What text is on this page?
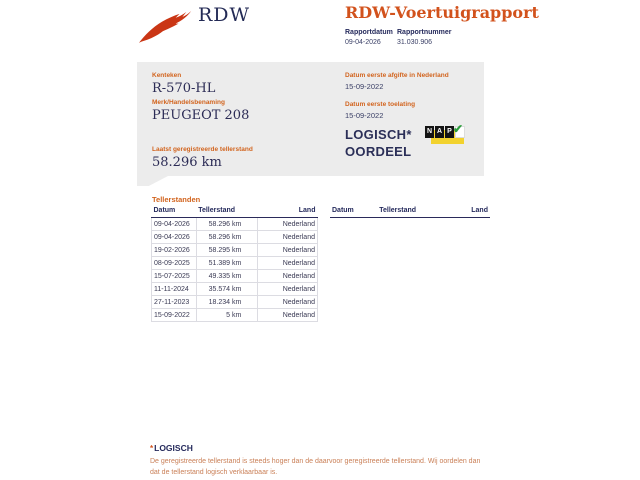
RDW	RDW-Voertuigrapport
Rapportdatum
09-04-2026
Rapportnummer
31.030.906
Kenteken
R-570-HL
Merk/Handelsbenaming
PEUGEOT 208
Laatst geregistreerde tellerstand
58.296 km
Datum eerste afgifte in Nederland
15-09-2022
Datum eerste toelating
15-09-2022
LOGISCH*
OORDEEL
N A P ✔
Tellerstanden
Datum	Tellerstand	Land
09-04-2026	58.296 km	Nederland
09-04-2026	58.296 km	Nederland
19-02-2026	58.295 km	Nederland
08-09-2025	51.389 km	Nederland
15-07-2025	49.335 km	Nederland
11-11-2024	35.574 km	Nederland
27-11-2023	18.234 km	Nederland
15-09-2022	5 km	Nederland
Datum	Tellerstand	Land
*LOGISCH
De geregistreerde tellerstand is steeds hoger dan de daarvoor geregistreerde tellerstand. Wij oordelen dan dat de tellerstand logisch verklaarbaar is.
